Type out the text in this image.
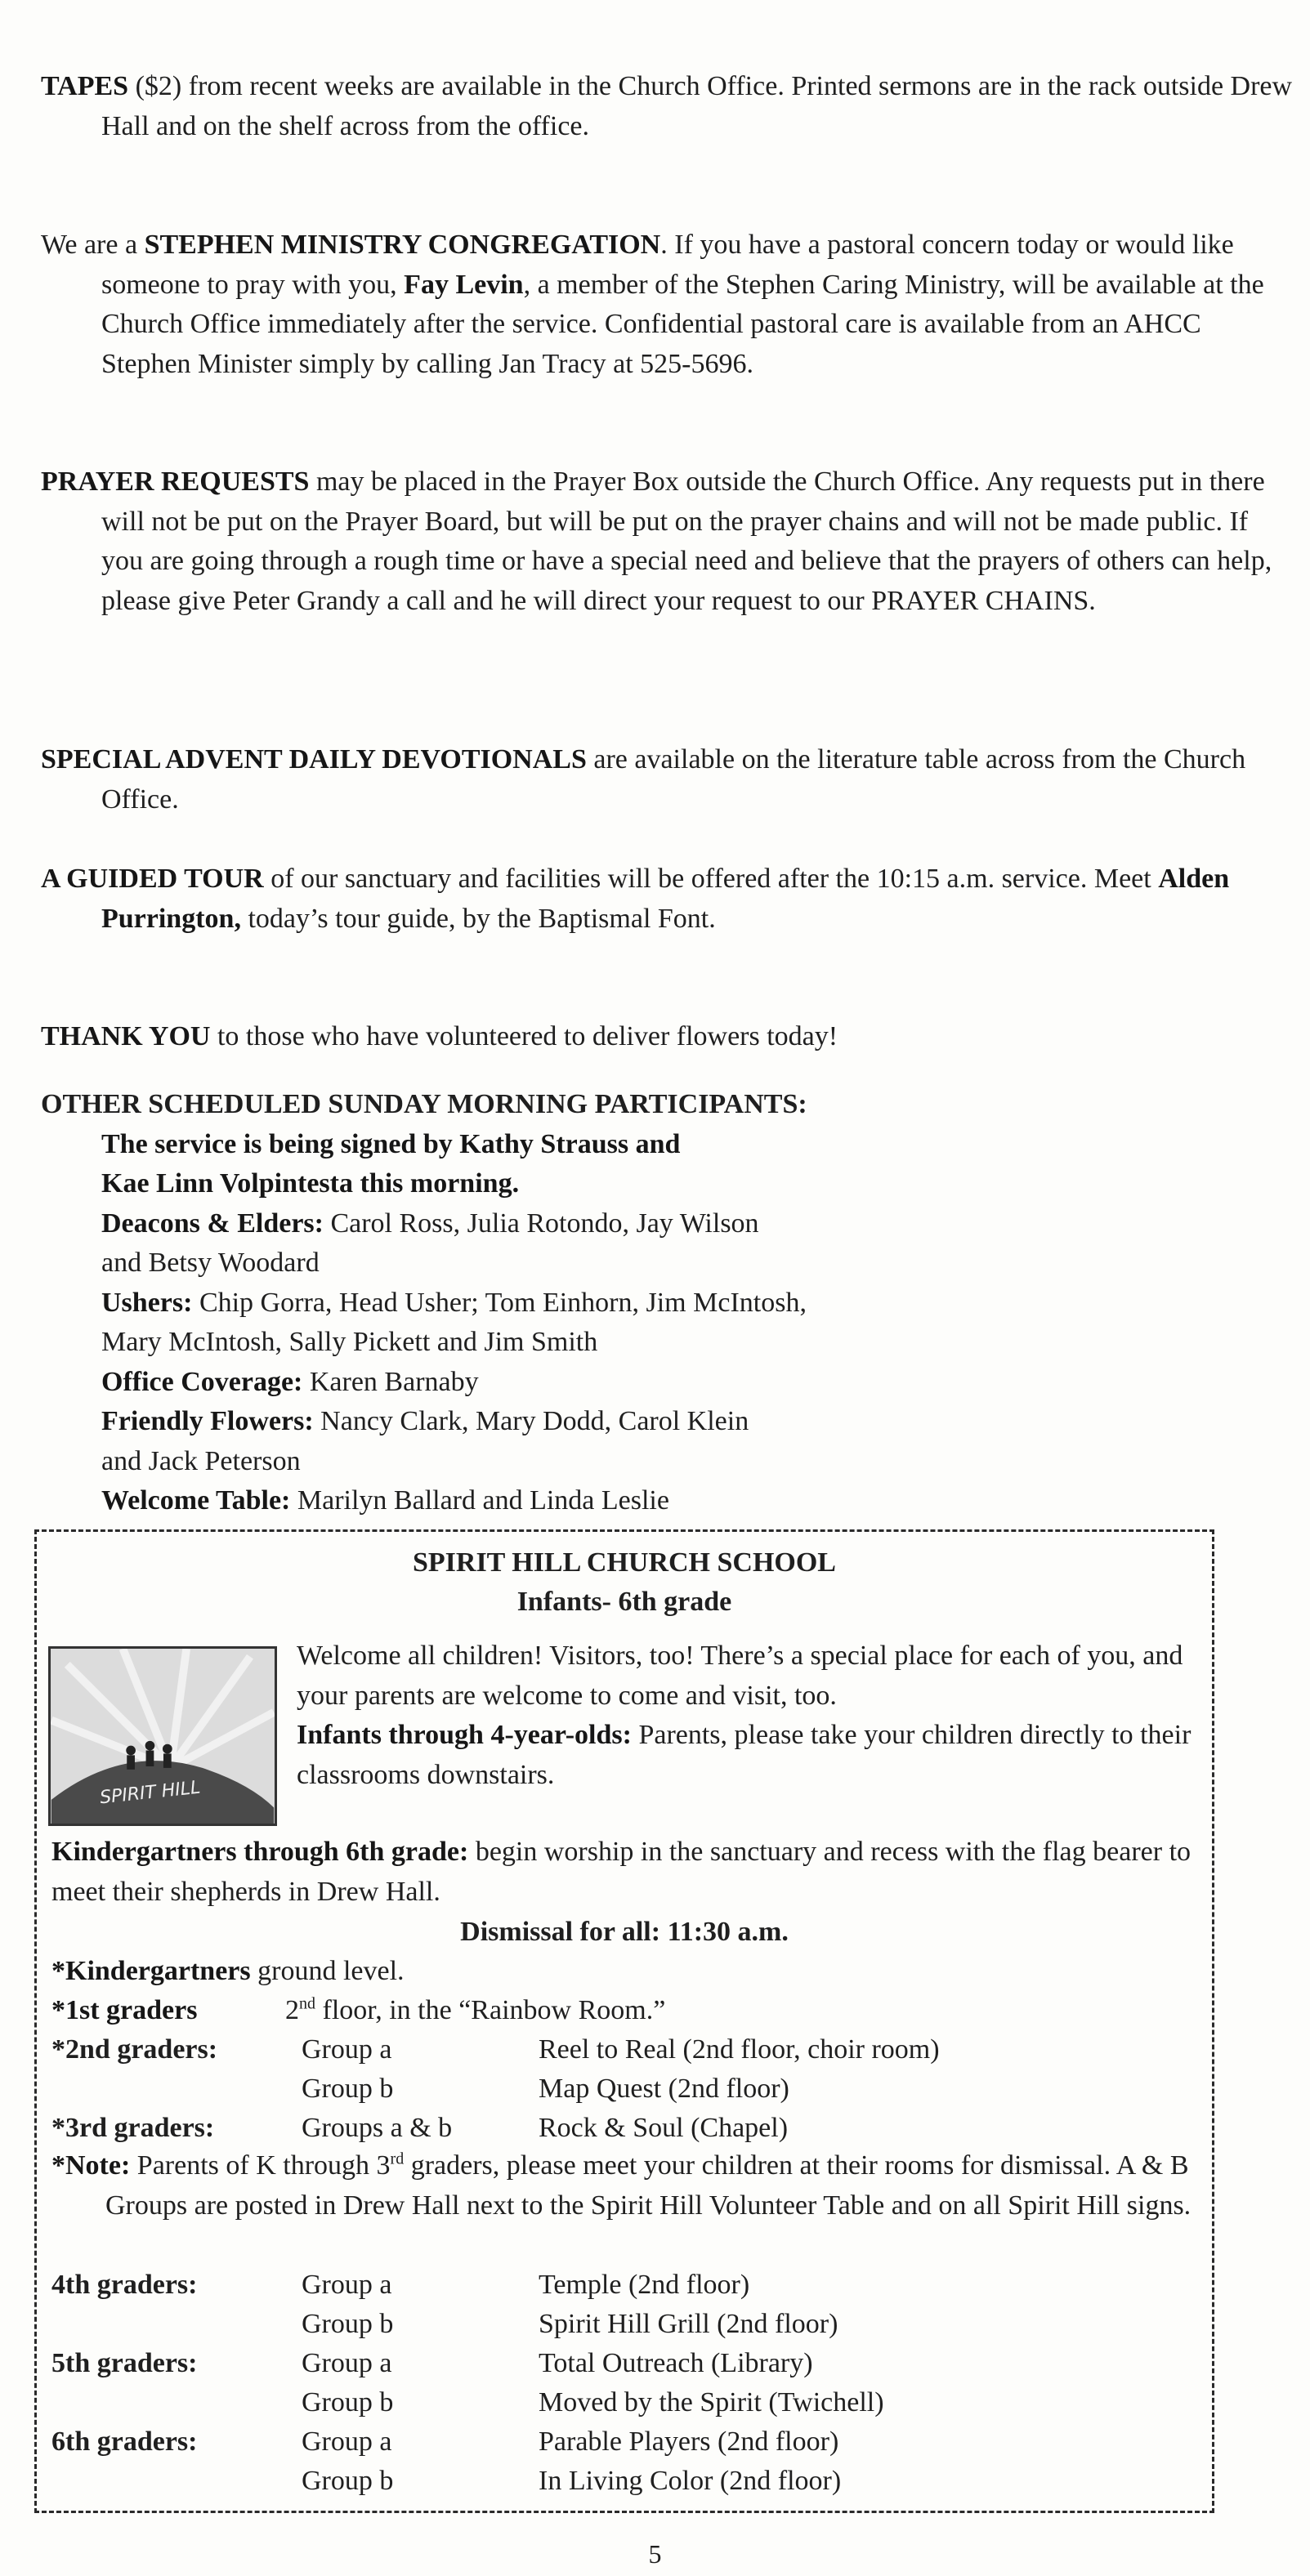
TAPES ($2) from recent weeks are available in the Church Office. Printed sermons are in the rack outside Drew Hall and on the shelf across from the office.

We are a STEPHEN MINISTRY CONGREGATION. If you have a pastoral concern today or would like someone to pray with you, Fay Levin, a member of the Stephen Caring Ministry, will be available at the Church Office immediately after the service. Confidential pastoral care is available from an AHCC Stephen Minister simply by calling Jan Tracy at 525-5696.

PRAYER REQUESTS may be placed in the Prayer Box outside the Church Office. Any requests put in there will not be put on the Prayer Board, but will be put on the prayer chains and will not be made public. If you are going through a rough time or have a special need and believe that the prayers of others can help, please give Peter Grandy a call and he will direct your request to our PRAYER CHAINS.

SPECIAL ADVENT DAILY DEVOTIONALS are available on the literature table across from the Church Office.

A GUIDED TOUR of our sanctuary and facilities will be offered after the 10:15 a.m. service. Meet Alden Purrington, today’s tour guide, by the Baptismal Font.

THANK YOU to those who have volunteered to deliver flowers today!

OTHER SCHEDULED SUNDAY MORNING PARTICIPANTS:
The service is being signed by Kathy Strauss and
Kae Linn Volpintesta this morning.
Deacons & Elders: Carol Ross, Julia Rotondo, Jay Wilson
and Betsy Woodard
Ushers: Chip Gorra, Head Usher; Tom Einhorn, Jim McIntosh,
Mary McIntosh, Sally Pickett and Jim Smith
Office Coverage: Karen Barnaby
Friendly Flowers: Nancy Clark, Mary Dodd, Carol Klein
and Jack Peterson
Welcome Table: Marilyn Ballard and Linda Leslie
SPIRIT HILL CHURCH SCHOOL
Infants- 6th grade
SPIRIT HILL
Welcome all children! Visitors, too! There’s a special place for each of you, and your parents are welcome to come and visit, too.
Infants through 4-year-olds: Parents, please take your children directly to their classrooms downstairs.
Kindergartners through 6th grade: begin worship in the sanctuary and recess with the flag bearer to meet their shepherds in Drew Hall.
Dismissal for all: 11:30 a.m.
*Kindergartners ground level.
*1st graders	2nd floor, in the “Rainbow Room.”
*2nd graders:	Group a	Reel to Real (2nd floor, choir room)
Group b	Map Quest (2nd floor)
*3rd graders:	Groups a & b	Rock & Soul (Chapel)
*Note: Parents of K through 3rd graders, please meet your children at their rooms for dismissal. A & B Groups are posted in Drew Hall next to the Spirit Hill Volunteer Table and on all Spirit Hill signs.
4th graders:	Group a	Temple (2nd floor)
Group b	Spirit Hill Grill (2nd floor)
5th graders:	Group a	Total Outreach (Library)
Group b	Moved by the Spirit (Twichell)
6th graders:	Group a	Parable Players (2nd floor)
Group b	In Living Color (2nd floor)
5
